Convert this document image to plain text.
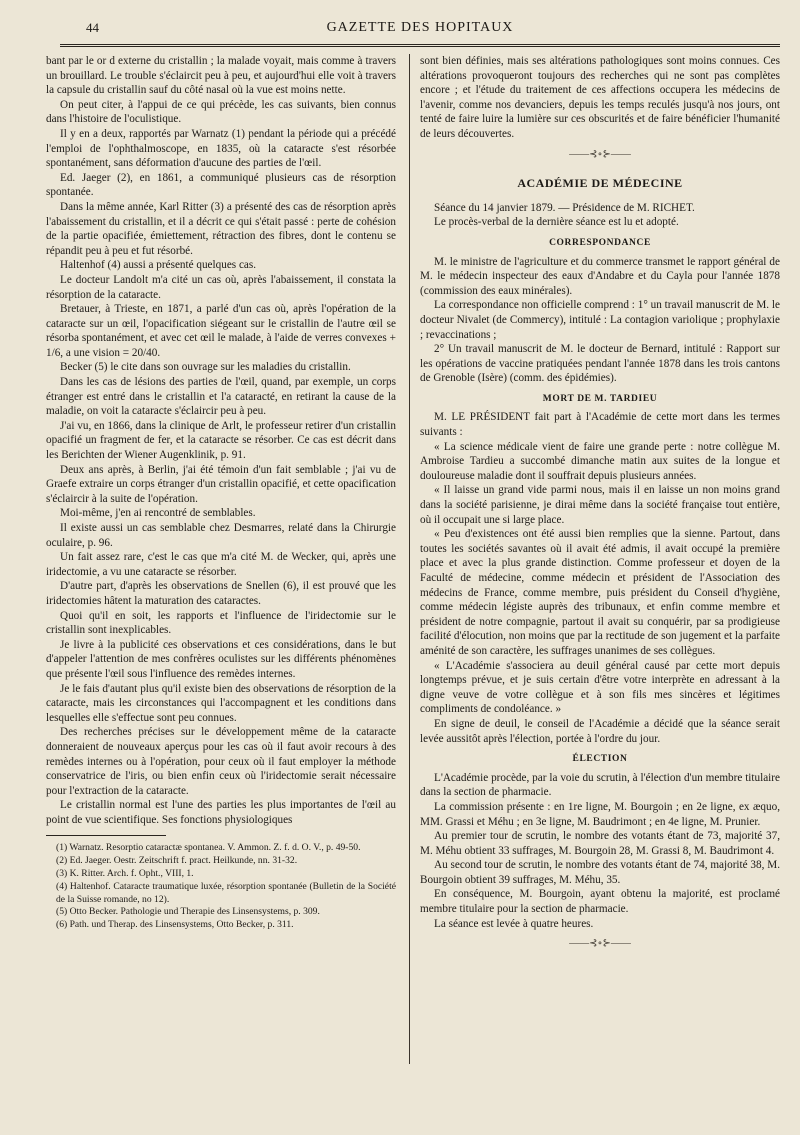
44	GAZETTE DES HOPITAUX

bant par le or d externe du cristallin ; la malade voyait, mais comme à travers un brouillard. Le trouble s'éclaircit peu à peu, et aujourd'hui elle voit à travers la capsule du cristallin sauf du côté nasal où la vue est moins nette.

On peut citer, à l'appui de ce qui précède, les cas suivants, bien connus dans l'histoire de l'oculistique.

Il y en a deux, rapportés par Warnatz (1) pendant la période qui a précédé l'emploi de l'ophthalmoscope, en 1835, où la cataracte s'est résorbée spontanément, sans déformation d'aucune des parties de l'œil.

Ed. Jaeger (2), en 1861, a communiqué plusieurs cas de résorption spontanée.

Dans la même année, Karl Ritter (3) a présenté des cas de résorption après l'abaissement du cristallin, et il a décrit ce qui s'était passé : perte de cohésion de la partie opacifiée, émiettement, rétraction des fibres, dont le contenu se répandit peu à peu et fut résorbé.

Haltenhof (4) aussi a présenté quelques cas.

Le docteur Landolt m'a cité un cas où, après l'abaissement, il constata la résorption de la cataracte.

Bretauer, à Trieste, en 1871, a parlé d'un cas où, après l'opération de la cataracte sur un œil, l'opacification siégeant sur le cristallin de l'autre œil se résorba spontanément, et avec cet œil le malade, à l'aide de verres convexes + 1/6, a une vision = 20/40.

Becker (5) le cite dans son ouvrage sur les maladies du cristallin.

Dans les cas de lésions des parties de l'œil, quand, par exemple, un corps étranger est entré dans le cristallin et l'a cataracté, en retirant la cause de la maladie, on voit la cataracte s'éclaircir peu à peu.

J'ai vu, en 1866, dans la clinique de Arlt, le professeur retirer d'un cristallin opacifié un fragment de fer, et la cataracte se résorber. Ce cas est décrit dans les Berichten der Wiener Augenklinik, p. 91.

Deux ans après, à Berlin, j'ai été témoin d'un fait semblable ; j'ai vu de Graefe extraire un corps étranger d'un cristallin opacifié, et cette opacification s'éclaircir à la suite de l'opération.

Moi-même, j'en ai rencontré de semblables.

Il existe aussi un cas semblable chez Desmarres, relaté dans la Chirurgie oculaire, p. 96.

Un fait assez rare, c'est le cas que m'a cité M. de Wecker, qui, après une iridectomie, a vu une cataracte se résorber.

D'autre part, d'après les observations de Snellen (6), il est prouvé que les iridectomies hâtent la maturation des cataractes.

Quoi qu'il en soit, les rapports et l'influence de l'iridectomie sur le cristallin sont inexplicables.

Je livre à la publicité ces observations et ces considérations, dans le but d'appeler l'attention de mes confrères oculistes sur les différents phénomènes que présente l'œil sous l'influence des remèdes internes.

Je le fais d'autant plus qu'il existe bien des observations de résorption de la cataracte, mais les circonstances qui l'accompagnent et les conditions dans lesquelles elle s'effectue sont peu connues.

Des recherches précises sur le développement même de la cataracte donneraient de nouveaux aperçus pour les cas où il faut avoir recours à des remèdes internes ou à l'opération, pour ceux où il faut employer la méthode conservatrice de l'iris, ou bien enfin ceux où l'iridectomie serait nécessaire pour l'extraction de la cataracte.

Le cristallin normal est l'une des parties les plus importantes de l'œil au point de vue scientifique. Ses fonctions physiologiques

(1) Warnatz. Resorptio cataractæ spontanea. V. Ammon. Z. f. d. O. V., p. 49-50.

(2) Ed. Jaeger. Oestr. Zeitschrift f. pract. Heilkunde, nn. 31-32.

(3) K. Ritter. Arch. f. Opht., VIII, 1.

(4) Haltenhof. Cataracte traumatique luxée, résorption spontanée (Bulletin de la Société de la Suisse romande, no 12).

(5) Otto Becker. Pathologie und Therapie des Linsensystems, p. 309.

(6) Path. und Therap. des Linsensystems, Otto Becker, p. 311.

sont bien définies, mais ses altérations pathologiques sont moins connues. Ces altérations provoqueront toujours des recherches qui ne sont pas complètes encore ; et l'étude du traitement de ces affections occupera les médecins de l'avenir, comme nos devanciers, depuis les temps reculés jusqu'à nos jours, ont tenté de faire luire la lumière sur ces obscurités et de faire bénéficier l'humanité de leurs découvertes.

——⊰∘⊱——
ACADÉMIE DE MÉDECINE

Séance du 14 janvier 1879. — Présidence de M. RICHET.

Le procès-verbal de la dernière séance est lu et adopté.

CORRESPONDANCE

M. le ministre de l'agriculture et du commerce transmet le rapport général de M. le médecin inspecteur des eaux d'Andabre et du Cayla pour l'année 1878 (commission des eaux minérales).

La correspondance non officielle comprend : 1° un travail manuscrit de M. le docteur Nivalet (de Commercy), intitulé : La contagion variolique ; prophylaxie ; revaccinations ;

2° Un travail manuscrit de M. le docteur de Bernard, intitulé : Rapport sur les opérations de vaccine pratiquées pendant l'année 1878 dans les trois cantons de Grenoble (Isère) (comm. des épidémies).

MORT DE M. TARDIEU

M. LE PRÉSIDENT fait part à l'Académie de cette mort dans les termes suivants :

« La science médicale vient de faire une grande perte : notre collègue M. Ambroise Tardieu a succombé dimanche matin aux suites de la longue et douloureuse maladie dont il souffrait depuis plusieurs années.

« Il laisse un grand vide parmi nous, mais il en laisse un non moins grand dans la société parisienne, je dirai même dans la société française tout entière, où il occupait une si large place.

« Peu d'existences ont été aussi bien remplies que la sienne. Partout, dans toutes les sociétés savantes où il avait été admis, il avait occupé la première place et avec la plus grande distinction. Comme professeur et doyen de la Faculté de médecine, comme médecin et président de l'Association des médecins de France, comme membre, puis président du Conseil d'hygiène, comme médecin légiste auprès des tribunaux, et enfin comme membre et président de notre compagnie, partout il avait su conquérir, par sa prodigieuse facilité d'élocution, non moins que par la rectitude de son jugement et la parfaite aménité de son caractère, les suffrages unanimes de ses collègues.

« L'Académie s'associera au deuil général causé par cette mort depuis longtemps prévue, et je suis certain d'être votre interprète en adressant à la digne veuve de votre collègue et à son fils mes sincères et légitimes compliments de condoléance. »

En signe de deuil, le conseil de l'Académie a décidé que la séance serait levée aussitôt après l'élection, portée à l'ordre du jour.

ÉLECTION

L'Académie procède, par la voie du scrutin, à l'élection d'un membre titulaire dans la section de pharmacie.

La commission présente : en 1re ligne, M. Bourgoin ; en 2e ligne, ex æquo, MM. Grassi et Méhu ; en 3e ligne, M. Baudrimont ; en 4e ligne, M. Prunier.

Au premier tour de scrutin, le nombre des votants étant de 73, majorité 37, M. Méhu obtient 33 suffrages, M. Bourgoin 28, M. Grassi 8, M. Baudrimont 4.

Au second tour de scrutin, le nombre des votants étant de 74, majorité 38, M. Bourgoin obtient 39 suffrages, M. Méhu, 35.

En conséquence, M. Bourgoin, ayant obtenu la majorité, est proclamé membre titulaire pour la section de pharmacie.

La séance est levée à quatre heures.

——⊰∘⊱——
